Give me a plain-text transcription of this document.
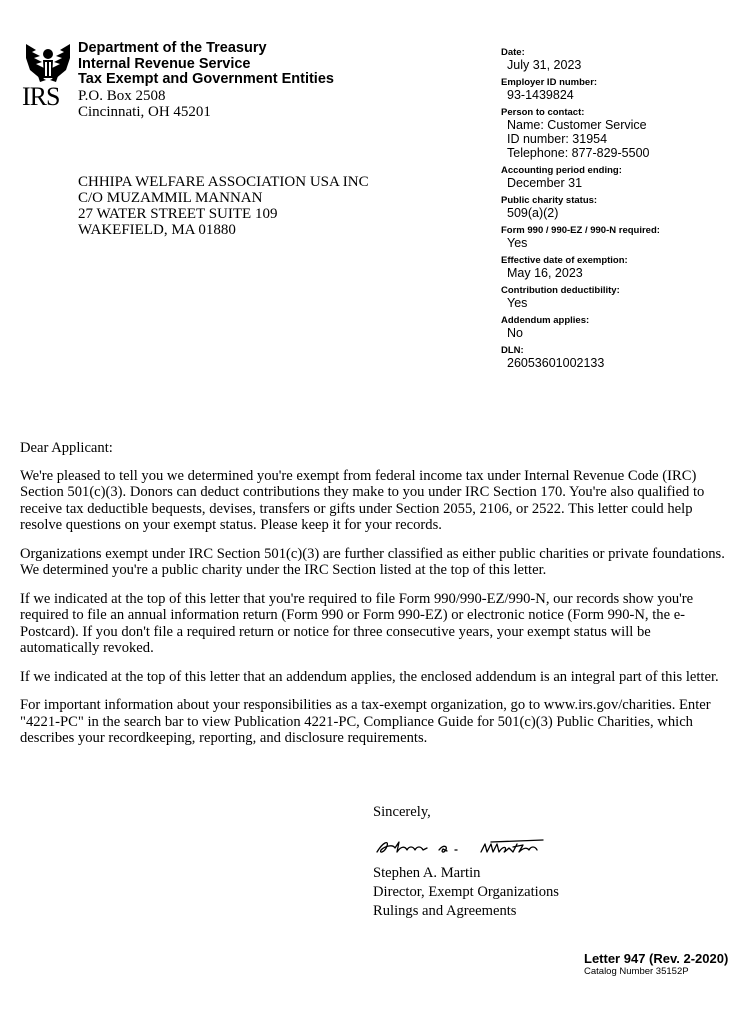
IRS
Department of the Treasury
Internal Revenue Service
Tax Exempt and Government Entities
P.O. Box 2508
Cincinnati, OH 45201
CHHIPA WELFARE ASSOCIATION USA INC
C/O MUZAMMIL MANNAN
27 WATER STREET SUITE 109
WAKEFIELD, MA 01880
Date:
July 31, 2023
Employer ID number:
93-1439824
Person to contact:
Name: Customer Service
ID number: 31954
Telephone: 877-829-5500
Accounting period ending:
December 31
Public charity status:
509(a)(2)
Form 990 / 990-EZ / 990-N required:
Yes
Effective date of exemption:
May 16, 2023
Contribution deductibility:
Yes
Addendum applies:
No
DLN:
26053601002133

Dear Applicant:

We're pleased to tell you we determined you're exempt from federal income tax under Internal Revenue Code (IRC) Section 501(c)(3). Donors can deduct contributions they make to you under IRC Section 170. You're also qualified to receive tax deductible bequests, devises, transfers or gifts under Section 2055, 2106, or 2522. This letter could help resolve questions on your exempt status. Please keep it for your records.

Organizations exempt under IRC Section 501(c)(3) are further classified as either public charities or private foundations. We determined you're a public charity under the IRC Section listed at the top of this letter.

If we indicated at the top of this letter that you're required to file Form 990/990-EZ/990-N, our records show you're required to file an annual information return (Form 990 or Form 990-EZ) or electronic notice (Form 990-N, the e-Postcard). If you don't file a required return or notice for three consecutive years, your exempt status will be automatically revoked.

If we indicated at the top of this letter that an addendum applies, the enclosed addendum is an integral part of this letter.

For important information about your responsibilities as a tax-exempt organization, go to www.irs.gov/charities. Enter "4221-PC" in the search bar to view Publication 4221-PC, Compliance Guide for 501(c)(3) Public Charities, which describes your recordkeeping, reporting, and disclosure requirements.

Sincerely,
Stephen A. Martin
Director, Exempt Organizations
Rulings and Agreements
Letter 947 (Rev. 2-2020)
Catalog Number 35152P
